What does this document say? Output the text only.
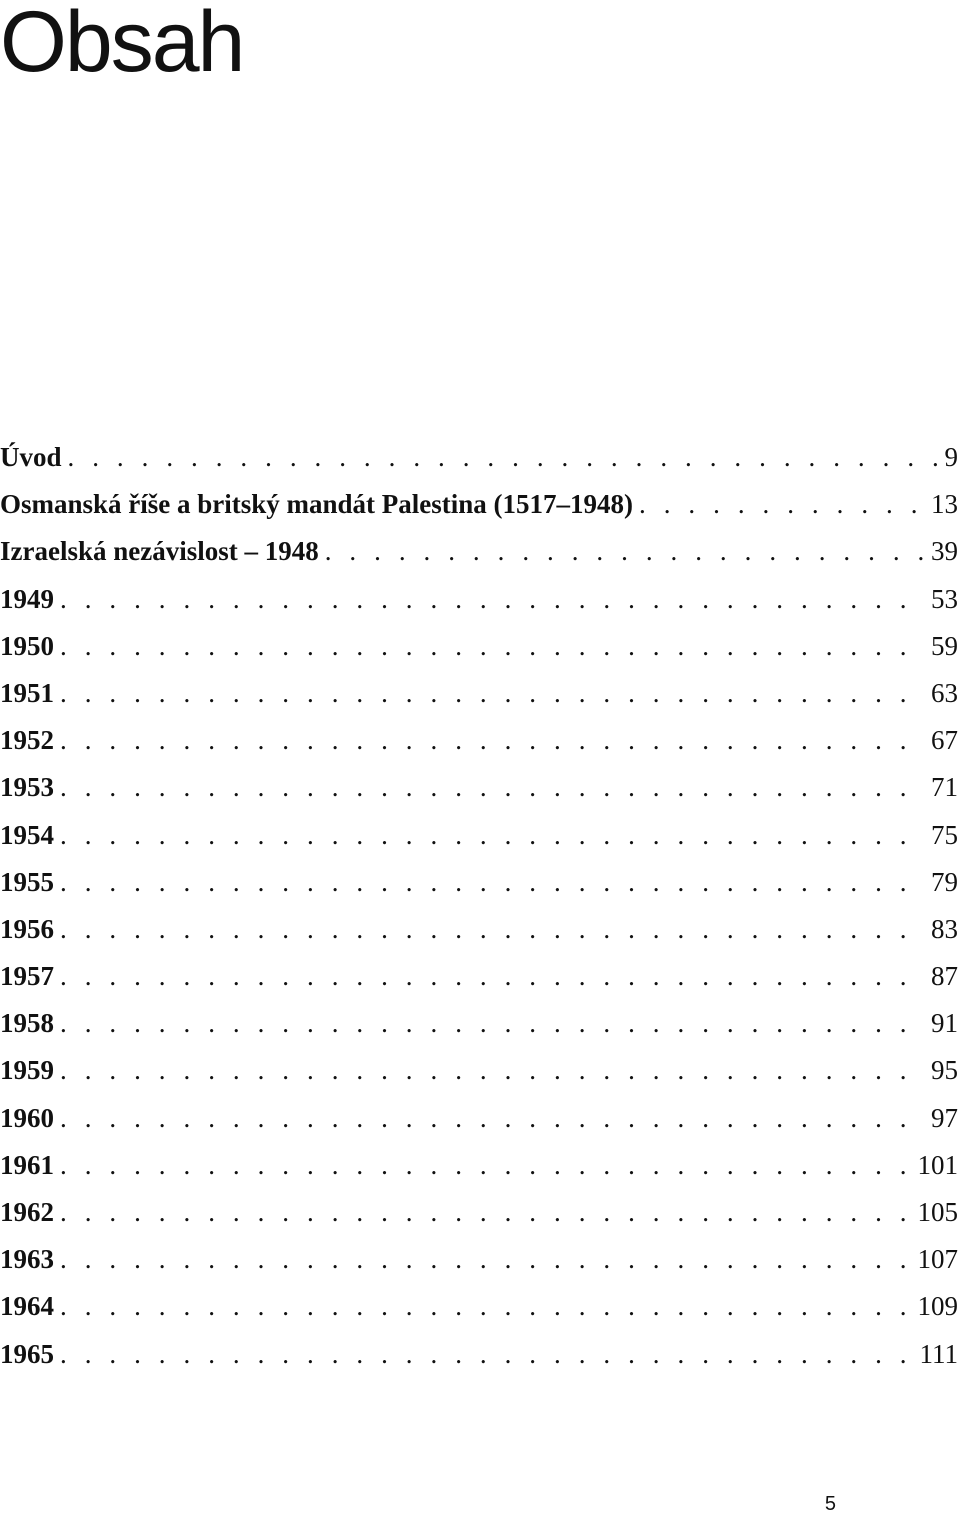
Obsah
Úvod . . .	9
Osmanská říše a britský mandát Palestina (1517–1948) . . .	13
Izraelská nezávislost – 1948 . . .	39
1949 . . .	53
1950 . . .	59
1951 . . .	63
1952 . . .	67
1953 . . .	71
1954 . . .	75
1955 . . .	79
1956 . . .	83
1957 . . .	87
1958 . . .	91
1959 . . .	95
1960 . . .	97
1961 . . .	101
1962 . . .	105
1963 . . .	107
1964 . . .	109
1965 . . .	111
5
